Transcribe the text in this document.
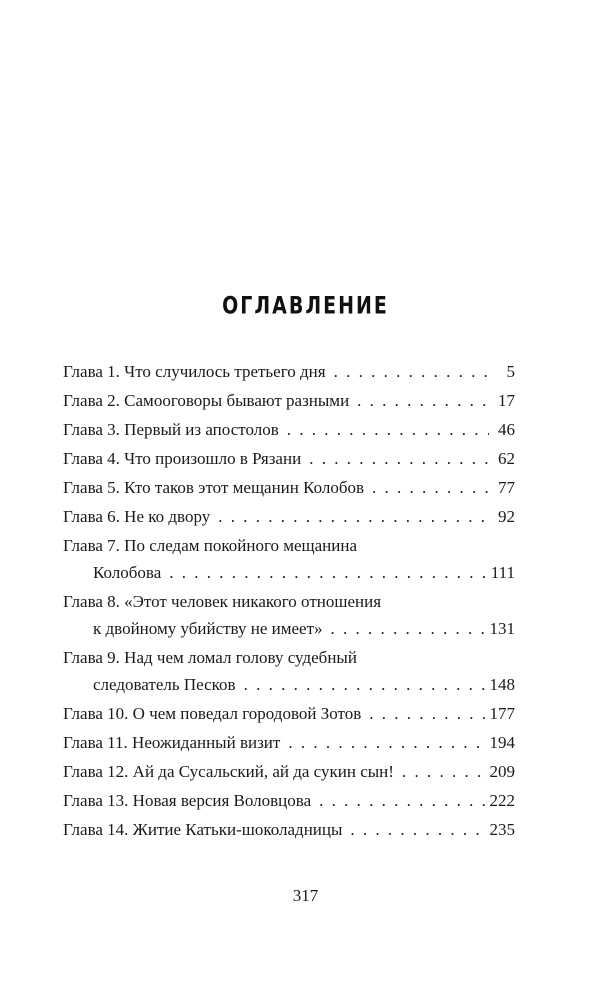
ОГЛАВЛЕНИЕ
Глава 1. Что случилось третьего дня . . .	5
Глава 2. Самооговоры бывают разными . . .	17
Глава 3. Первый из апостолов . . .	46
Глава 4. Что произошло в Рязани . . .	62
Глава 5. Кто таков этот мещанин Колобов . . .	77
Глава 6. Не ко двору . . .	92
Глава 7. По следам покойного мещанина
Колобова . . .	111
Глава 8. «Этот человек никакого отношения
к двойному убийству не имеет» . . .	131
Глава 9. Над чем ломал голову судебный
следователь Песков . . .	148
Глава 10. О чем поведал городовой Зотов . . .	177
Глава 11. Неожиданный визит . . .	194
Глава 12. Ай да Сусальский, ай да сукин сын! . . .	209
Глава 13. Новая версия Воловцова . . .	222
Глава 14. Житие Катьки-шоколадницы . . .	235
317
